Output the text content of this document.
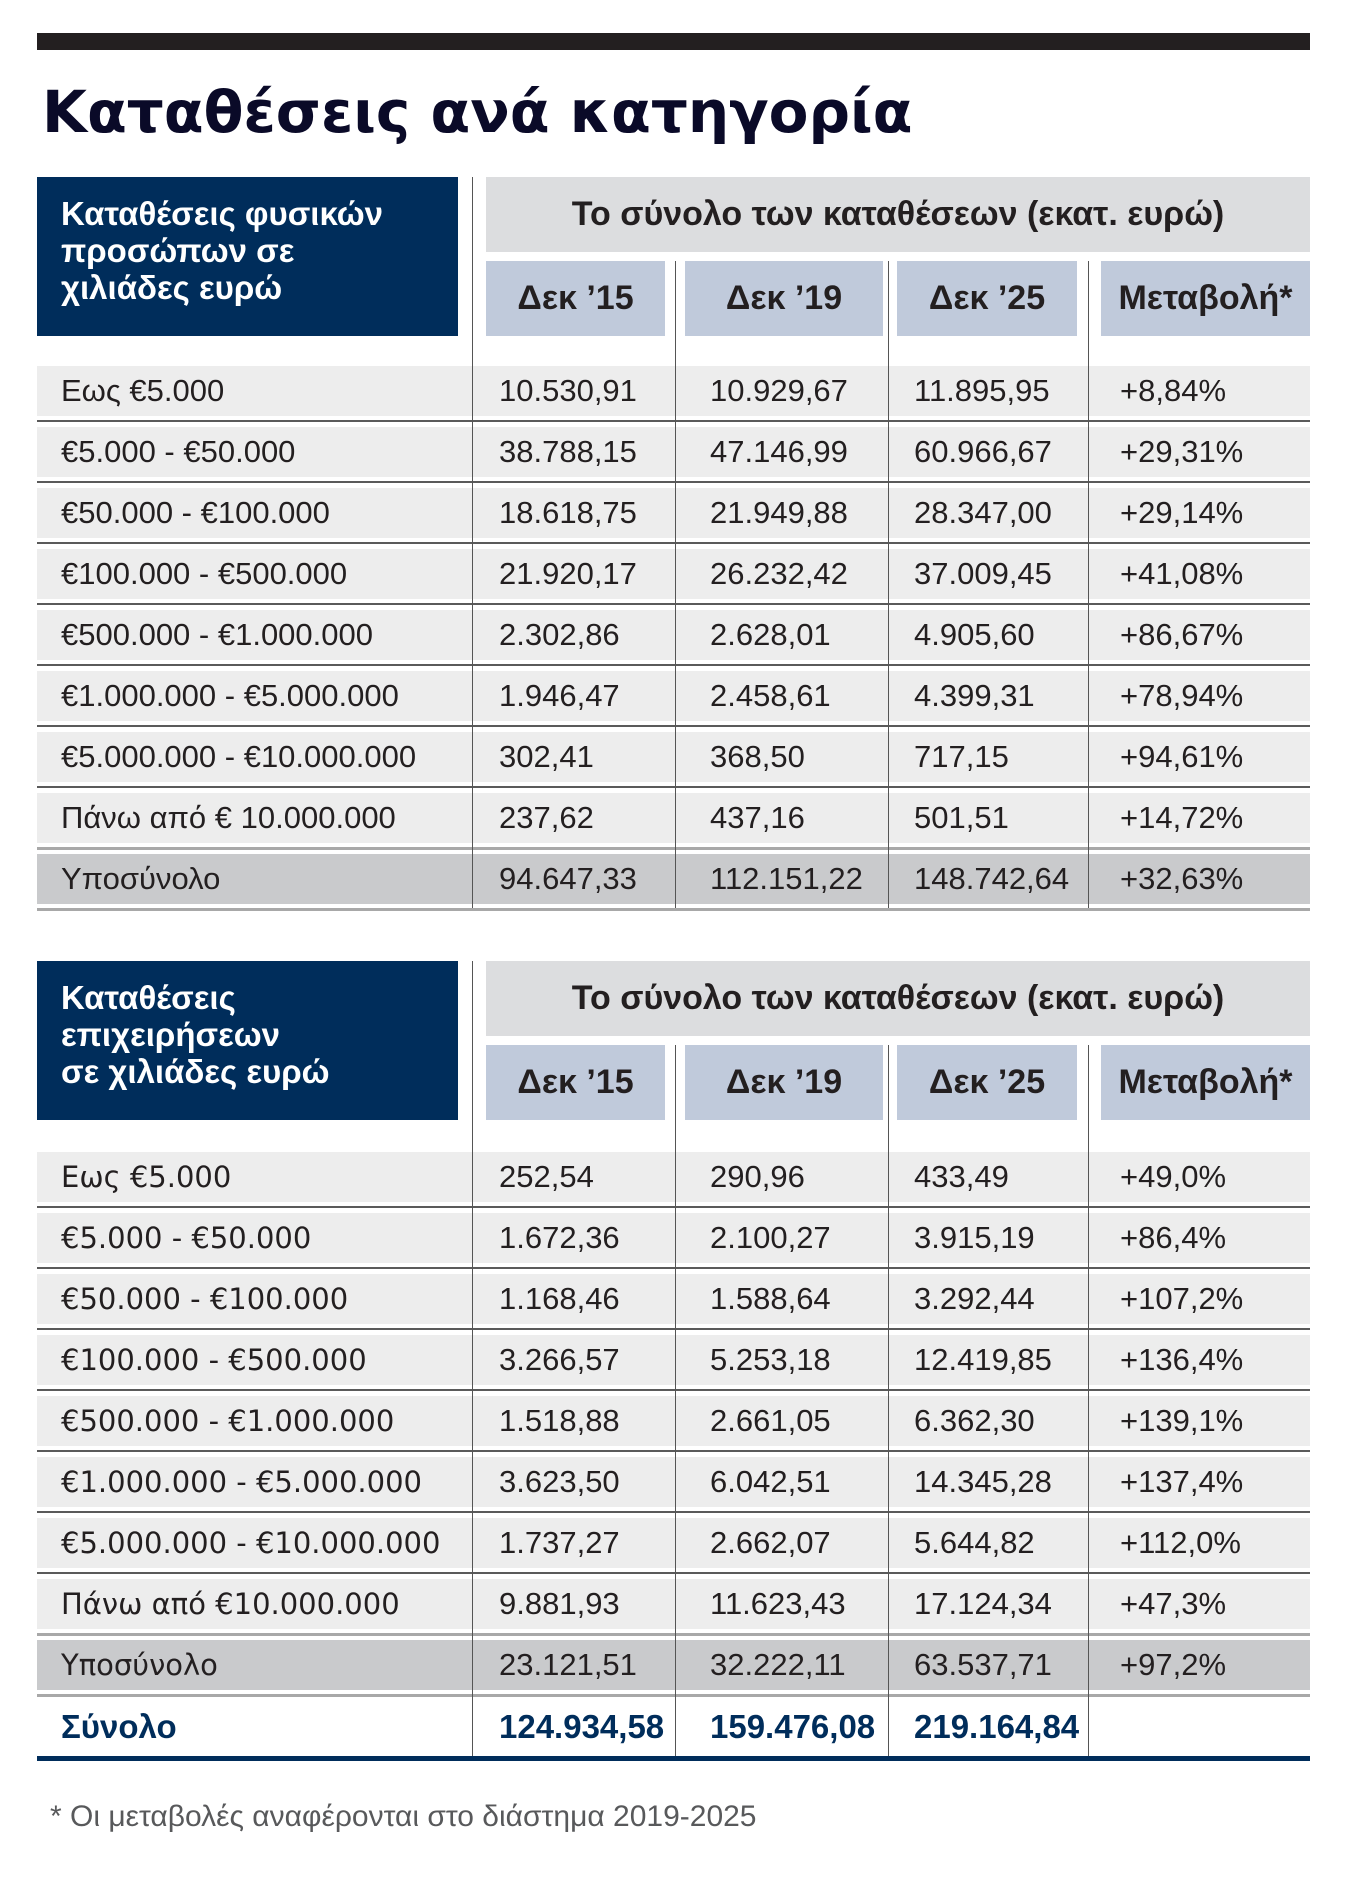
Καταθέσεις ανά κατηγορία
Καταθέσεις φυσικών
προσώπων σε
χιλιάδες ευρώ
Το σύνολο των καταθέσεων (εκατ. ευρώ)
Δεκ ’15	Δεκ ’19	Δεκ ’25	Μεταβολή*
Εως €5.000	10.530,91 10.929,67 11.895,95 +8,84%
€5.000 - €50.000	38.788,15 47.146,99 60.966,67 +29,31%
€50.000 - €100.000	18.618,75 21.949,88 28.347,00 +29,14%
€100.000 - €500.000	21.920,17 26.232,42 37.009,45 +41,08%
€500.000 - €1.000.000	2.302,86	2.628,01	4.905,60	+86,67%
€1.000.000 - €5.000.000	1.946,47	2.458,61	4.399,31	+78,94%
€5.000.000 - €10.000.000	302,41	368,50	717,15	+94,61%
Πάνω από € 10.000.000	237,62	437,16	501,51	+14,72%
Υποσύνολο	94.647,33 112.151,22 148.742,64 +32,63%
Καταθέσεις
επιχειρήσεων
σε χιλιάδες ευρώ
Το σύνολο των καταθέσεων (εκατ. ευρώ)
Δεκ ’15	Δεκ ’19	Δεκ ’25	Μεταβολή*
Εως €5.000	252,54	290,96	433,49	+49,0%
€5.000 - €50.000	1.672,36	2.100,27	3.915,19	+86,4%
€50.000 - €100.000	1.168,46	1.588,64	3.292,44	+107,2%
€100.000 - €500.000	3.266,57	5.253,18	12.419,85 +136,4%
€500.000 - €1.000.000	1.518,88	2.661,05	6.362,30	+139,1%
€1.000.000 - €5.000.000 3.623,50	6.042,51	14.345,28 +137,4%
€5.000.000 - €10.000.000 1.737,27	2.662,07	5.644,82	+112,0%
Πάνω από €10.000.000	9.881,93	11.623,43 17.124,34 +47,3%
Υποσύνολο	23.121,51 32.222,11 63.537,71 +97,2%
Σύνολο	124.934,58 159.476,08 219.164,84
* Οι μεταβολές αναφέρονται στο διάστημα 2019-2025
